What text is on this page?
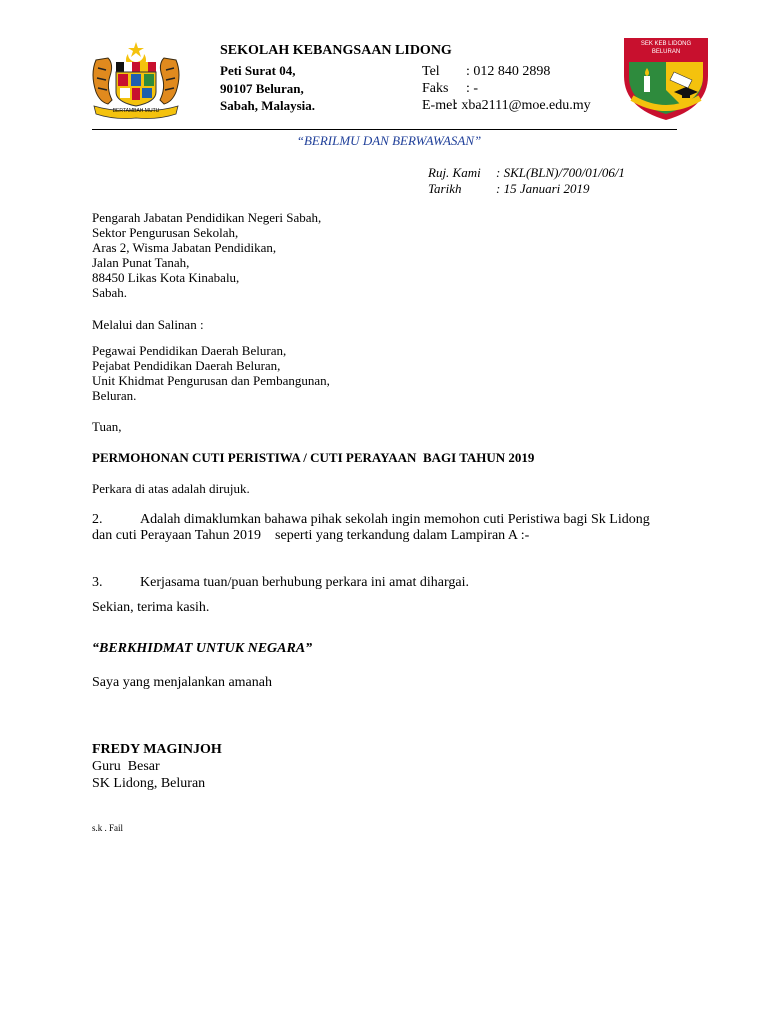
BERTAMBAH MUTU
SEKOLAH KEBANGSAAN LIDONG
Peti Surat 04,
90107 Beluran,
Sabah, Malaysia.
Tel : 012 840 2898
Faks : -
E-mel
: xba2111@moe.edu.my
SEK KEB LIDONG
BELURAN
“BERILMU DAN BERWAWASAN”
Ruj. Kami : SKL(BLN)/700/01/06/1
Tarikh	: 15 Januari 2019
Pengarah Jabatan Pendidikan Negeri Sabah,
Sektor Pengurusan Sekolah,
Aras 2, Wisma Jabatan Pendidikan,
Jalan Punat Tanah,
88450 Likas Kota Kinabalu,
Sabah.
Melalui dan Salinan :
Pegawai Pendidikan Daerah Beluran,
Pejabat Pendidikan Daerah Beluran,
Unit Khidmat Pengurusan dan Pembangunan,
Beluran.
Tuan,
PERMOHONAN CUTI PERISTIWA / CUTI PERAYAAN  BAGI TAHUN 2019
Perkara di atas adalah dirujuk.
2.	Adalah dimaklumkan bahawa pihak sekolah ingin memohon cuti Peristiwa bagi Sk Lidong
dan cuti Perayaan Tahun 2019    seperti yang terkandung dalam Lampiran A :-
3.	Kerjasama tuan/puan berhubung perkara ini amat dihargai.
Sekian, terima kasih.
“BERKHIDMAT UNTUK NEGARA”
Saya yang menjalankan amanah
FREDY MAGINJOH
Guru  Besar
SK Lidong, Beluran
s.k . Fail
